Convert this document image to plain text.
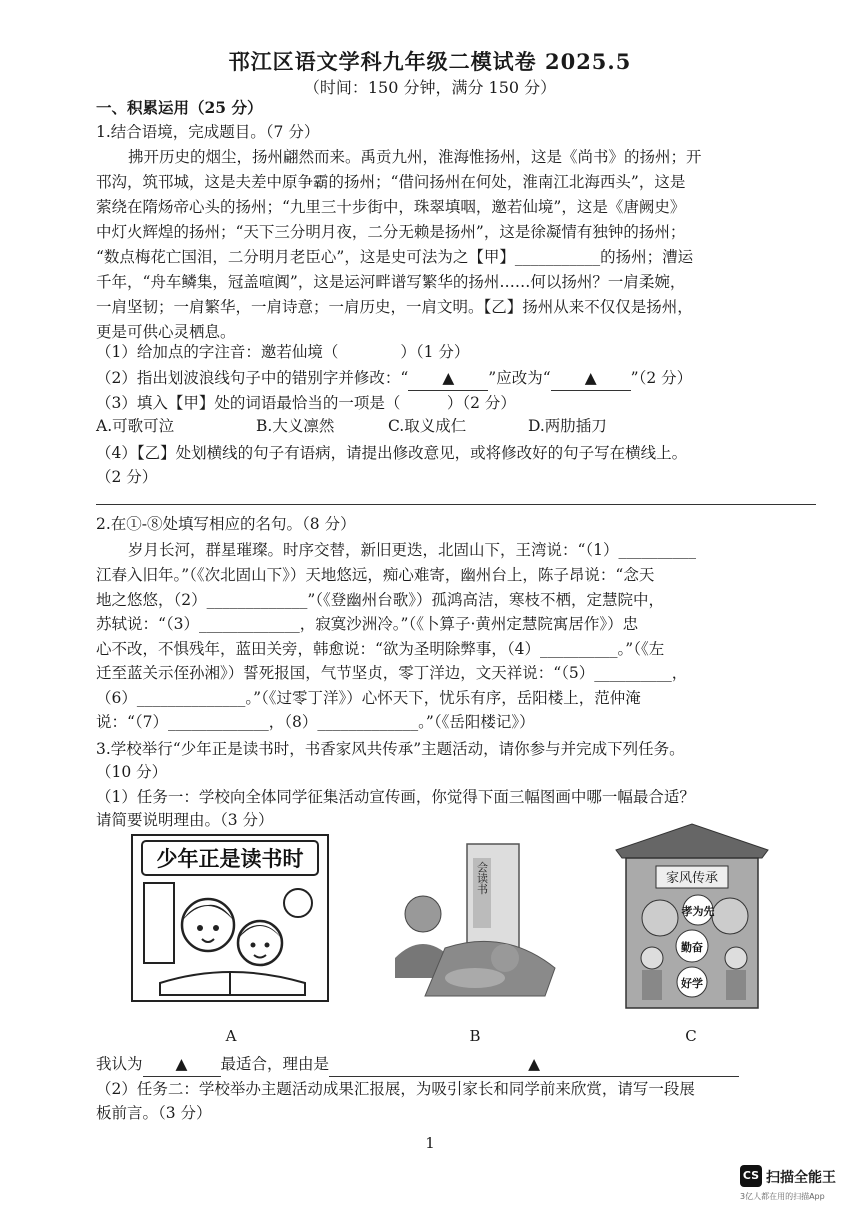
邗江区语文学科九年级二模试卷 2025.5
（时间：150 分钟，满分 150 分）
一、积累运用（25 分）
1.结合语境，完成题目。（7 分）
拂开历史的烟尘，扬州翩然而来。禹贡九州，淮海惟扬州，这是《尚书》的扬州；开
邗沟，筑邗城，这是夫差中原争霸的扬州；“借问扬州在何处，淮南江北海西头”，这是
萦绕在隋炀帝心头的扬州；“九里三十步街中，珠翠填咽，邀若仙境”，这是《唐阙史》
中灯火辉煌的扬州；“天下三分明月夜，二分无赖是扬州”，这是徐凝情有独钟的扬州；
“数点梅花亡国泪，二分明月老臣心”，这是史可法为之【甲】___________的扬州；漕运
千年，“舟车鳞集，冠盖喧阗”，这是运河畔谱写繁华的扬州……何以扬州？一肩柔婉，
一肩坚韧；一肩繁华，一肩诗意；一肩历史，一肩文明。【乙】扬州从来不仅仅是扬州，
更是可供心灵栖息。
（1）给加点的字注音：邀若仙境（　　　　）（1 分）
（2）指出划波浪线句子中的错别字并修改：“ ▲ ”应改为“ ▲ ”（2 分）
（3）填入【甲】处的词语最恰当的一项是（　　　）（2 分）
A.可歌可泣	B.大义凛然	C.取义成仁	D.两肋插刀
（4）【乙】处划横线的句子有语病，请提出修改意见，或将修改好的句子写在横线上。
（2 分）
2.在①-⑧处填写相应的名句。（8 分）
岁月长河，群星璀璨。时序交替，新旧更迭，北固山下，王湾说：“（1）__________
江春入旧年。”（《次北固山下》）天地悠远，痴心难寄，幽州台上，陈子昂说：“念天
地之悠悠，（2）_____________”（《登幽州台歌》）孤鸿高洁，寒枝不栖，定慧院中，
苏轼说：“（3）_____________，寂寞沙洲冷。”（《卜算子·黄州定慧院寓居作》）忠
心不改，不惧残年，蓝田关旁，韩愈说：“欲为圣明除弊事，（4）__________。”（《左
迁至蓝关示侄孙湘》）誓死报国，气节坚贞，零丁洋边，文天祥说：“（5）__________，
（6）______________。”（《过零丁洋》）心怀天下，忧乐有序，岳阳楼上，范仲淹
说：“（7）_____________，（8）_____________。”（《岳阳楼记》）
3.学校举行“少年正是读书时，书香家风共传承”主题活动，请你参与并完成下列任务。
（10 分）
（1）任务一：学校向全体同学征集活动宣传画，你觉得下面三幅图画中哪一幅最合适？
请简要说明理由。（3 分）
少年正是读书时
A
会读书
B
家风传承
孝为先
勤奋
好学
C
我认为 ▲ 最适合，理由是	▲
（2）任务二：学校举办主题活动成果汇报展，为吸引家长和同学前来欣赏，请写一段展
板前言。（3 分）
1
CS 扫描全能王
3亿人都在用的扫描App
